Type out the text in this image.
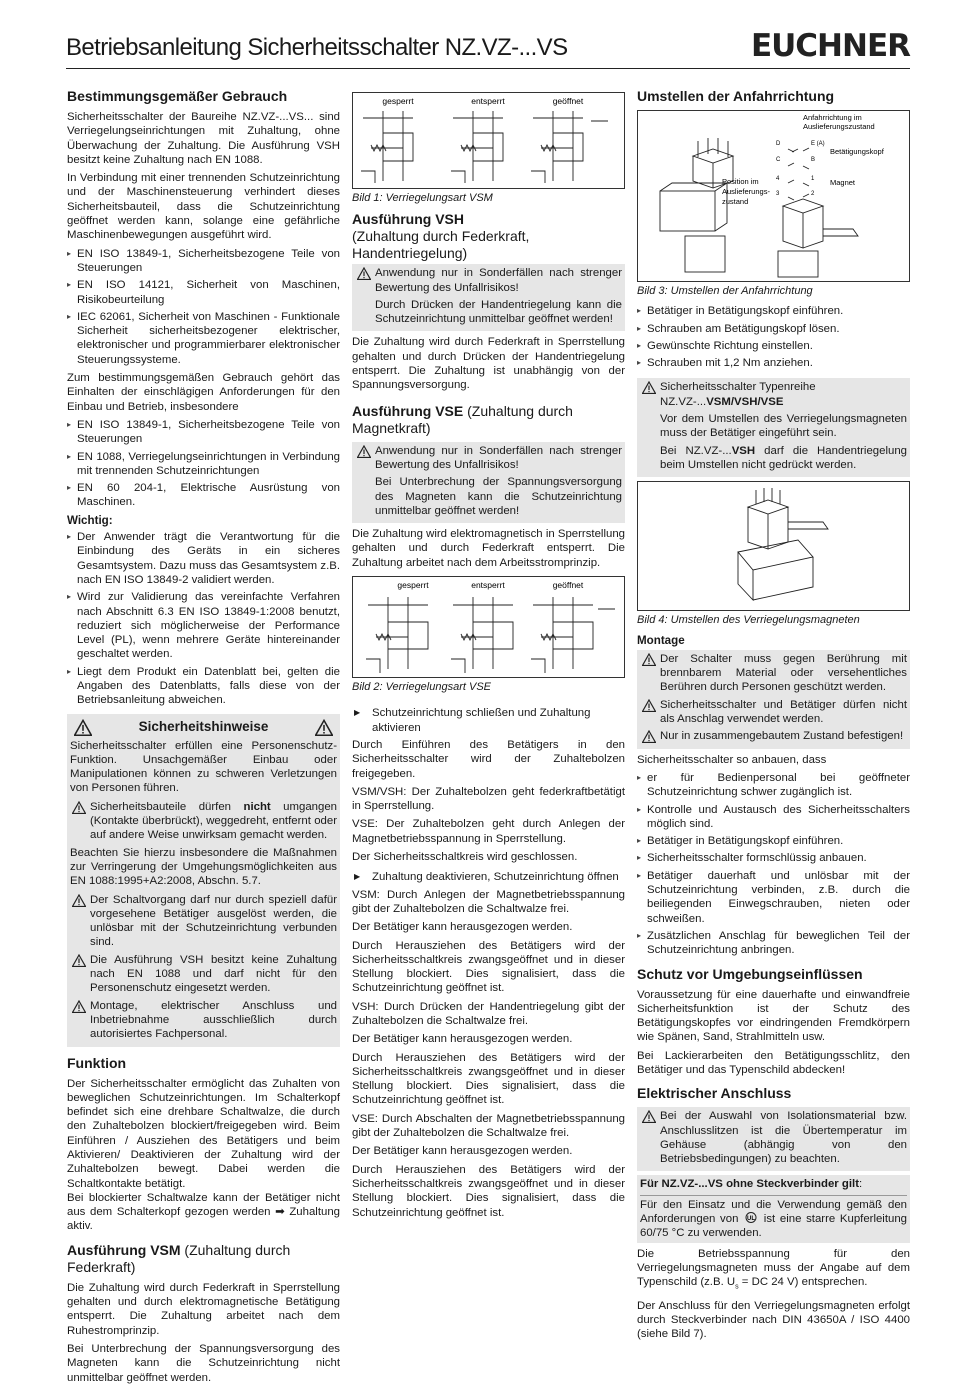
Betriebsanleitung Sicherheitsschalter NZ.VZ-...VS	EUCHNER
Bestimmungsgemäßer Gebrauch

Sicherheitsschalter der Baureihe NZ.VZ-...VS... sind Verriegelungseinrichtungen mit Zuhaltung, ohne Überwachung der Zuhaltung. Die Ausführung VSH besitzt keine Zuhaltung nach EN 1088.

In Verbindung mit einer trennenden Schutzeinrichtung und der Maschinensteuerung verhindert dieses Sicherheitsbauteil, dass die Schutzeinrichtung geöffnet werden kann, solange eine gefährliche Maschinenbewegungen ausgeführt wird.

▸ EN ISO 13849-1, Sicherheitsbezogene Teile von Steuerungen
▸ EN ISO 14121, Sicherheit von Maschinen, Risikobeurteilung
▸ IEC 62061, Sicherheit von Maschinen - Funktionale Sicherheit sicherheitsbezogener elektrischer, elektronischer und programmierbarer elektronischer Steuerungssysteme.

Zum bestimmungsgemäßen Gebrauch gehört das Einhalten der einschlägigen Anforderungen für den Einbau und Betrieb, insbesondere

▸ EN ISO 13849-1, Sicherheitsbezogene Teile von Steuerungen
▸ EN 1088, Verriegelungseinrichtungen in Verbindung mit trennenden Schutzeinrichtungen
▸ EN 60 204-1, Elektrische Ausrüstung von Maschinen.
Wichtig:
▸ Der Anwender trägt die Verantwortung für die Einbindung des Geräts in ein sicheres Gesamtsystem. Dazu muss das Gesamtsystem z.B. nach EN ISO 13849-2 validiert werden.
▸ Wird zur Validierung das vereinfachte Verfahren nach Abschnitt 6.3 EN ISO 13849-1:2008 benutzt, reduziert sich möglicherweise der Performance Level (PL), wenn mehrere Geräte hintereinander geschaltet werden.
▸ Liegt dem Produkt ein Datenblatt bei, gelten die Angaben des Datenblatts, falls diese von der Betriebsanleitung abweichen.
Sicherheitshinweise

Sicherheitsschalter erfüllen eine Personenschutz-Funktion. Unsachgemäßer Einbau oder Manipulationen können zu schweren Verletzungen von Personen führen.

Sicherheitsbauteile dürfen nicht umgangen (Kontakte überbrückt), weggedreht, entfernt oder auf andere Weise unwirksam gemacht werden.

Beachten Sie hierzu insbesondere die Maßnahmen zur Verringerung der Umgehungsmöglichkeiten aus EN 1088:1995+A2:2008, Abschn. 5.7.

Der Schaltvorgang darf nur durch speziell dafür vorgesehene Betätiger ausgelöst werden, die unlösbar mit der Schutzeinrichtung verbunden sind.
Die Ausführung VSH besitzt keine Zuhaltung nach EN 1088 und darf nicht für den Personenschutz eingesetzt werden.
Montage, elektrischer Anschluss und Inbetriebnahme ausschließlich durch autorisiertes Fachpersonal.
Funktion

Der Sicherheitsschalter ermöglicht das Zuhalten von beweglichen Schutzeinrichtungen. Im Schalterkopf befindet sich eine drehbare Schaltwalze, die durch den Zuhaltebolzen blockiert/freigegeben wird. Beim Einführen / Ausziehen des Betätigers und beim Aktivieren/ Deaktivieren der Zuhaltung wird der Zuhaltebolzen bewegt. Dabei werden die Schaltkontakte betätigt.

Bei blockierter Schaltwalze kann der Betätiger nicht aus dem Schalterkopf gezogen werden ➡ Zuhaltung aktiv.

Ausführung VSM (Zuhaltung durch Federkraft)

Die Zuhaltung wird durch Federkraft in Sperrstellung gehalten und durch elektromagnetische Betätigung entsperrt. Die Zuhaltung arbeitet nach dem Ruhestromprinzip.

Bei Unterbrechung der Spannungsversorgung des Magneten kann die Schutzeinrichtung nicht unmittelbar geöffnet werden.

gesperrt	entsperrt	geöffnet
Bild 1: Verriegelungsart VSM
Ausführung VSH
(Zuhaltung durch Federkraft, Handentriegelung)
Anwendung nur in Sonderfällen nach strenger Bewertung des Unfallrisikos!
Durch Drücken der Handentriegelung kann die Schutzeinrichtung unmittelbar geöffnet werden!

Die Zuhaltung wird durch Federkraft in Sperrstellung gehalten und durch Drücken der Handentriegelung entsperrt. Die Zuhaltung ist unabhängig von der Spannungsversorgung.

Ausführung VSE (Zuhaltung durch Magnetkraft)
Anwendung nur in Sonderfällen nach strenger Bewertung des Unfallrisikos!
Bei Unterbrechung der Spannungsversorgung des Magneten kann die Schutzeinrichtung unmittelbar geöffnet werden!

Die Zuhaltung wird elektromagnetisch in Sperrstellung gehalten und durch Federkraft entsperrt. Die Zuhaltung arbeitet nach dem Arbeitsstromprinzip.

gesperrt	entsperrt	geöffnet
Bild 2: Verriegelungsart VSE
▶ Schutzeinrichtung schließen und Zuhaltung aktivieren

Durch Einführen des Betätigers in den Sicherheitsschalter wird der Zuhaltebolzen freigegeben.

VSM/VSH: Der Zuhaltebolzen geht federkraftbetätigt in Sperrstellung.

VSE: Der Zuhaltebolzen geht durch Anlegen der Magnetbetriebsspannung in Sperrstellung.

Der Sicherheitsschaltkreis wird geschlossen.

▶ Zuhaltung deaktivieren, Schutzeinrichtung öffnen

VSM: Durch Anlegen der Magnetbetriebsspannung gibt der Zuhaltebolzen die Schaltwalze frei.

Der Betätiger kann herausgezogen werden.

Durch Herausziehen des Betätigers wird der Sicherheitsschaltkreis zwangsgeöffnet und in dieser Stellung blockiert. Dies signalisiert, dass die Schutzeinrichtung geöffnet ist.

VSH: Durch Drücken der Handentriegelung gibt der Zuhaltebolzen die Schaltwalze frei.

Der Betätiger kann herausgezogen werden.

Durch Herausziehen des Betätigers wird der Sicherheitsschaltkreis zwangsgeöffnet und in dieser Stellung blockiert. Dies signalisiert, dass die Schutzeinrichtung geöffnet ist.

VSE: Durch Abschalten der Magnetbetriebsspannung gibt der Zuhaltebolzen die Schaltwalze frei.

Der Betätiger kann herausgezogen werden.

Durch Herausziehen des Betätigers wird der Sicherheitsschaltkreis zwangsgeöffnet und in dieser Stellung blockiert. Dies signalisiert, dass die Schutzeinrichtung geöffnet ist.

Umstellen der Anfahrrichtung
Anfahrrichtung im
Auslieferungszustand
Betätigungskopf
Magnet
Position im
Auslieferungs-
zustand
D	E (A)
C	B
4
3
1
2
Bild 3: Umstellen der Anfahrrichtung
▸ Betätiger in Betätigungskopf einführen.
▸ Schrauben am Betätigungskopf lösen.
▸ Gewünschte Richtung einstellen.
▸ Schrauben mit 1,2 Nm anziehen.
Sicherheitsschalter Typenreihe
NZ.VZ-...VSM/VSH/VSE
Vor dem Umstellen des Verriegelungsmagneten muss der Betätiger eingeführt sein.
Bei NZ.VZ-...VSH darf die Handentriegelung beim Umstellen nicht gedrückt werden.
Bild 4: Umstellen des Verriegelungsmagneten
Montage
Der Schalter muss gegen Berührung mit brennbarem Material oder versehentliches Berühren durch Personen geschützt werden.
Sicherheitsschalter und Betätiger dürfen nicht als Anschlag verwendet werden.
Nur in zusammengebautem Zustand befestigen!

Sicherheitsschalter so anbauen, dass

▸ er für Bedienpersonal bei geöffneter Schutzeinrichtung schwer zugänglich ist.
▸ Kontrolle und Austausch des Sicherheitsschalters möglich sind.
▸ Betätiger in Betätigungskopf einführen.
▸ Sicherheitsschalter formschlüssig anbauen.
▸ Betätiger dauerhaft und unlösbar mit der Schutzeinrichtung verbinden, z.B. durch die beiliegenden Einwegschrauben, nieten oder schweißen.
▸ Zusätzlichen Anschlag für beweglichen Teil der Schutzeinrichtung anbringen.
Schutz vor Umgebungseinflüssen

Voraussetzung für eine dauerhafte und einwandfreie Sicherheitsfunktion ist der Schutz des Betätigungskopfes vor eindringenden Fremdkörpern wie Spänen, Sand, Strahlmitteln usw.

Bei Lackierarbeiten den Betätigungsschlitz, den Betätiger und das Typenschild abdecken!

Elektrischer Anschluss
Bei der Auswahl von Isolationsmaterial bzw. Anschlusslitzen ist die Übertemperatur im Gehäuse (abhängig von den Betriebsbedingungen) zu beachten.
Für NZ.VZ-...VS ohne Steckverbinder gilt:
Für den Einsatz und die Verwendung gemäß den Anforderungen von UL ist eine starre Kupferleitung 60/75 °C zu verwenden.

Die Betriebsspannung für den Verriegelungsmagneten muss der Angabe auf dem Typenschild (z.B. $U_s$ = DC 24 V) entsprechen.

Der Anschluss für den Verriegelungsmagneten erfolgt durch Steckverbinder nach DIN 43650A / ISO 4400 (siehe Bild 7).
